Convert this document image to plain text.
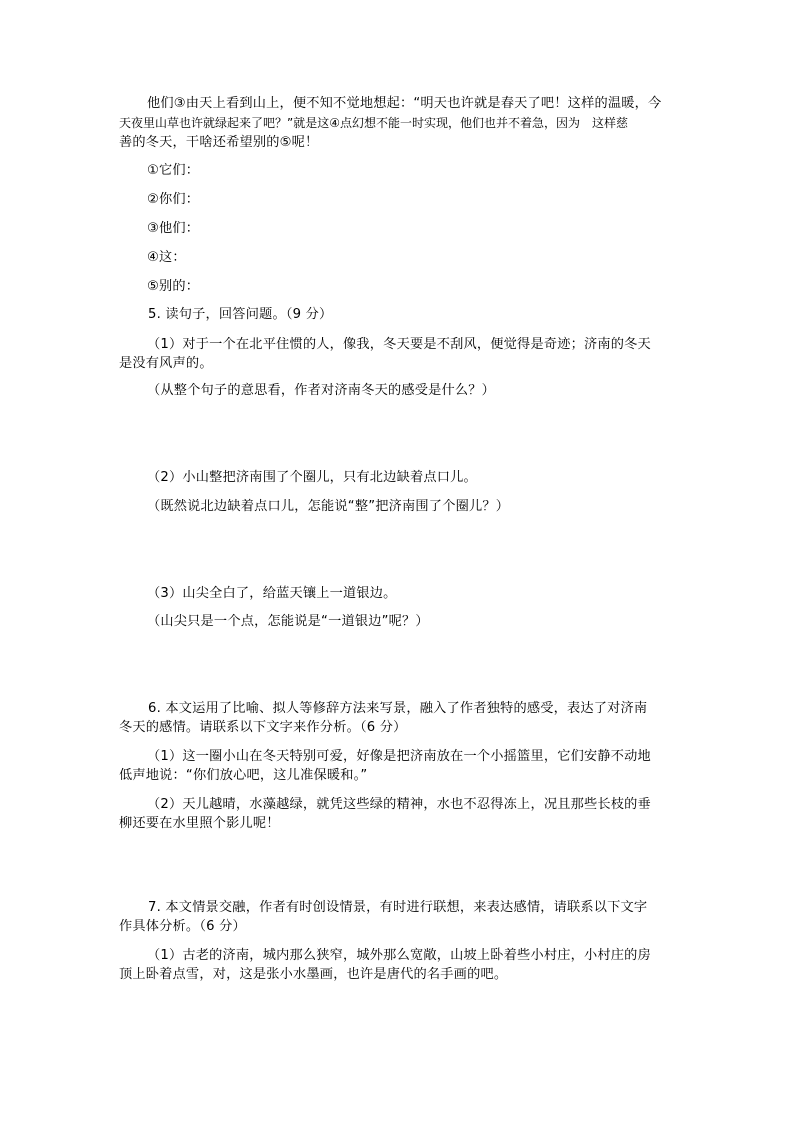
他们③由天上看到山上，便不知不觉地想起：“明天也许就是春天了吧！这样的温暖，今
天夜里山草也许就绿起来了吧？”就是这④点幻想不能一时实现，他们也并不着急，因为　这样慈
善的冬天，干啥还希望别的⑤呢！
①它们：
②你们：
③他们：
④这：
⑤别的：
5. 读句子，回答问题。（9 分）
（1）对于一个在北平住惯的人，像我，冬天要是不刮风，便觉得是奇迹；济南的冬天
是没有风声的。
（从整个句子的意思看，作者对济南冬天的感受是什么？）
（2）小山整把济南围了个圈儿，只有北边缺着点口儿。
（既然说北边缺着点口儿，怎能说“整”把济南围了个圈儿？）
（3）山尖全白了，给蓝天镶上一道银边。
（山尖只是一个点，怎能说是“一道银边”呢？）
6. 本文运用了比喻、拟人等修辞方法来写景，融入了作者独特的感受，表达了对济南
冬天的感情。请联系以下文字来作分析。（6 分）
（1）这一圈小山在冬天特别可爱，好像是把济南放在一个小摇篮里，它们安静不动地
低声地说：“你们放心吧，这儿准保暖和。”
（2）天儿越晴，水藻越绿，就凭这些绿的精神，水也不忍得冻上，况且那些长枝的垂
柳还要在水里照个影儿呢！
7. 本文情景交融，作者有时创设情景，有时进行联想，来表达感情，请联系以下文字
作具体分析。（6 分）
（1）古老的济南，城内那么狭窄，城外那么宽敞，山坡上卧着些小村庄，小村庄的房
顶上卧着点雪，对，这是张小水墨画，也许是唐代的名手画的吧。
